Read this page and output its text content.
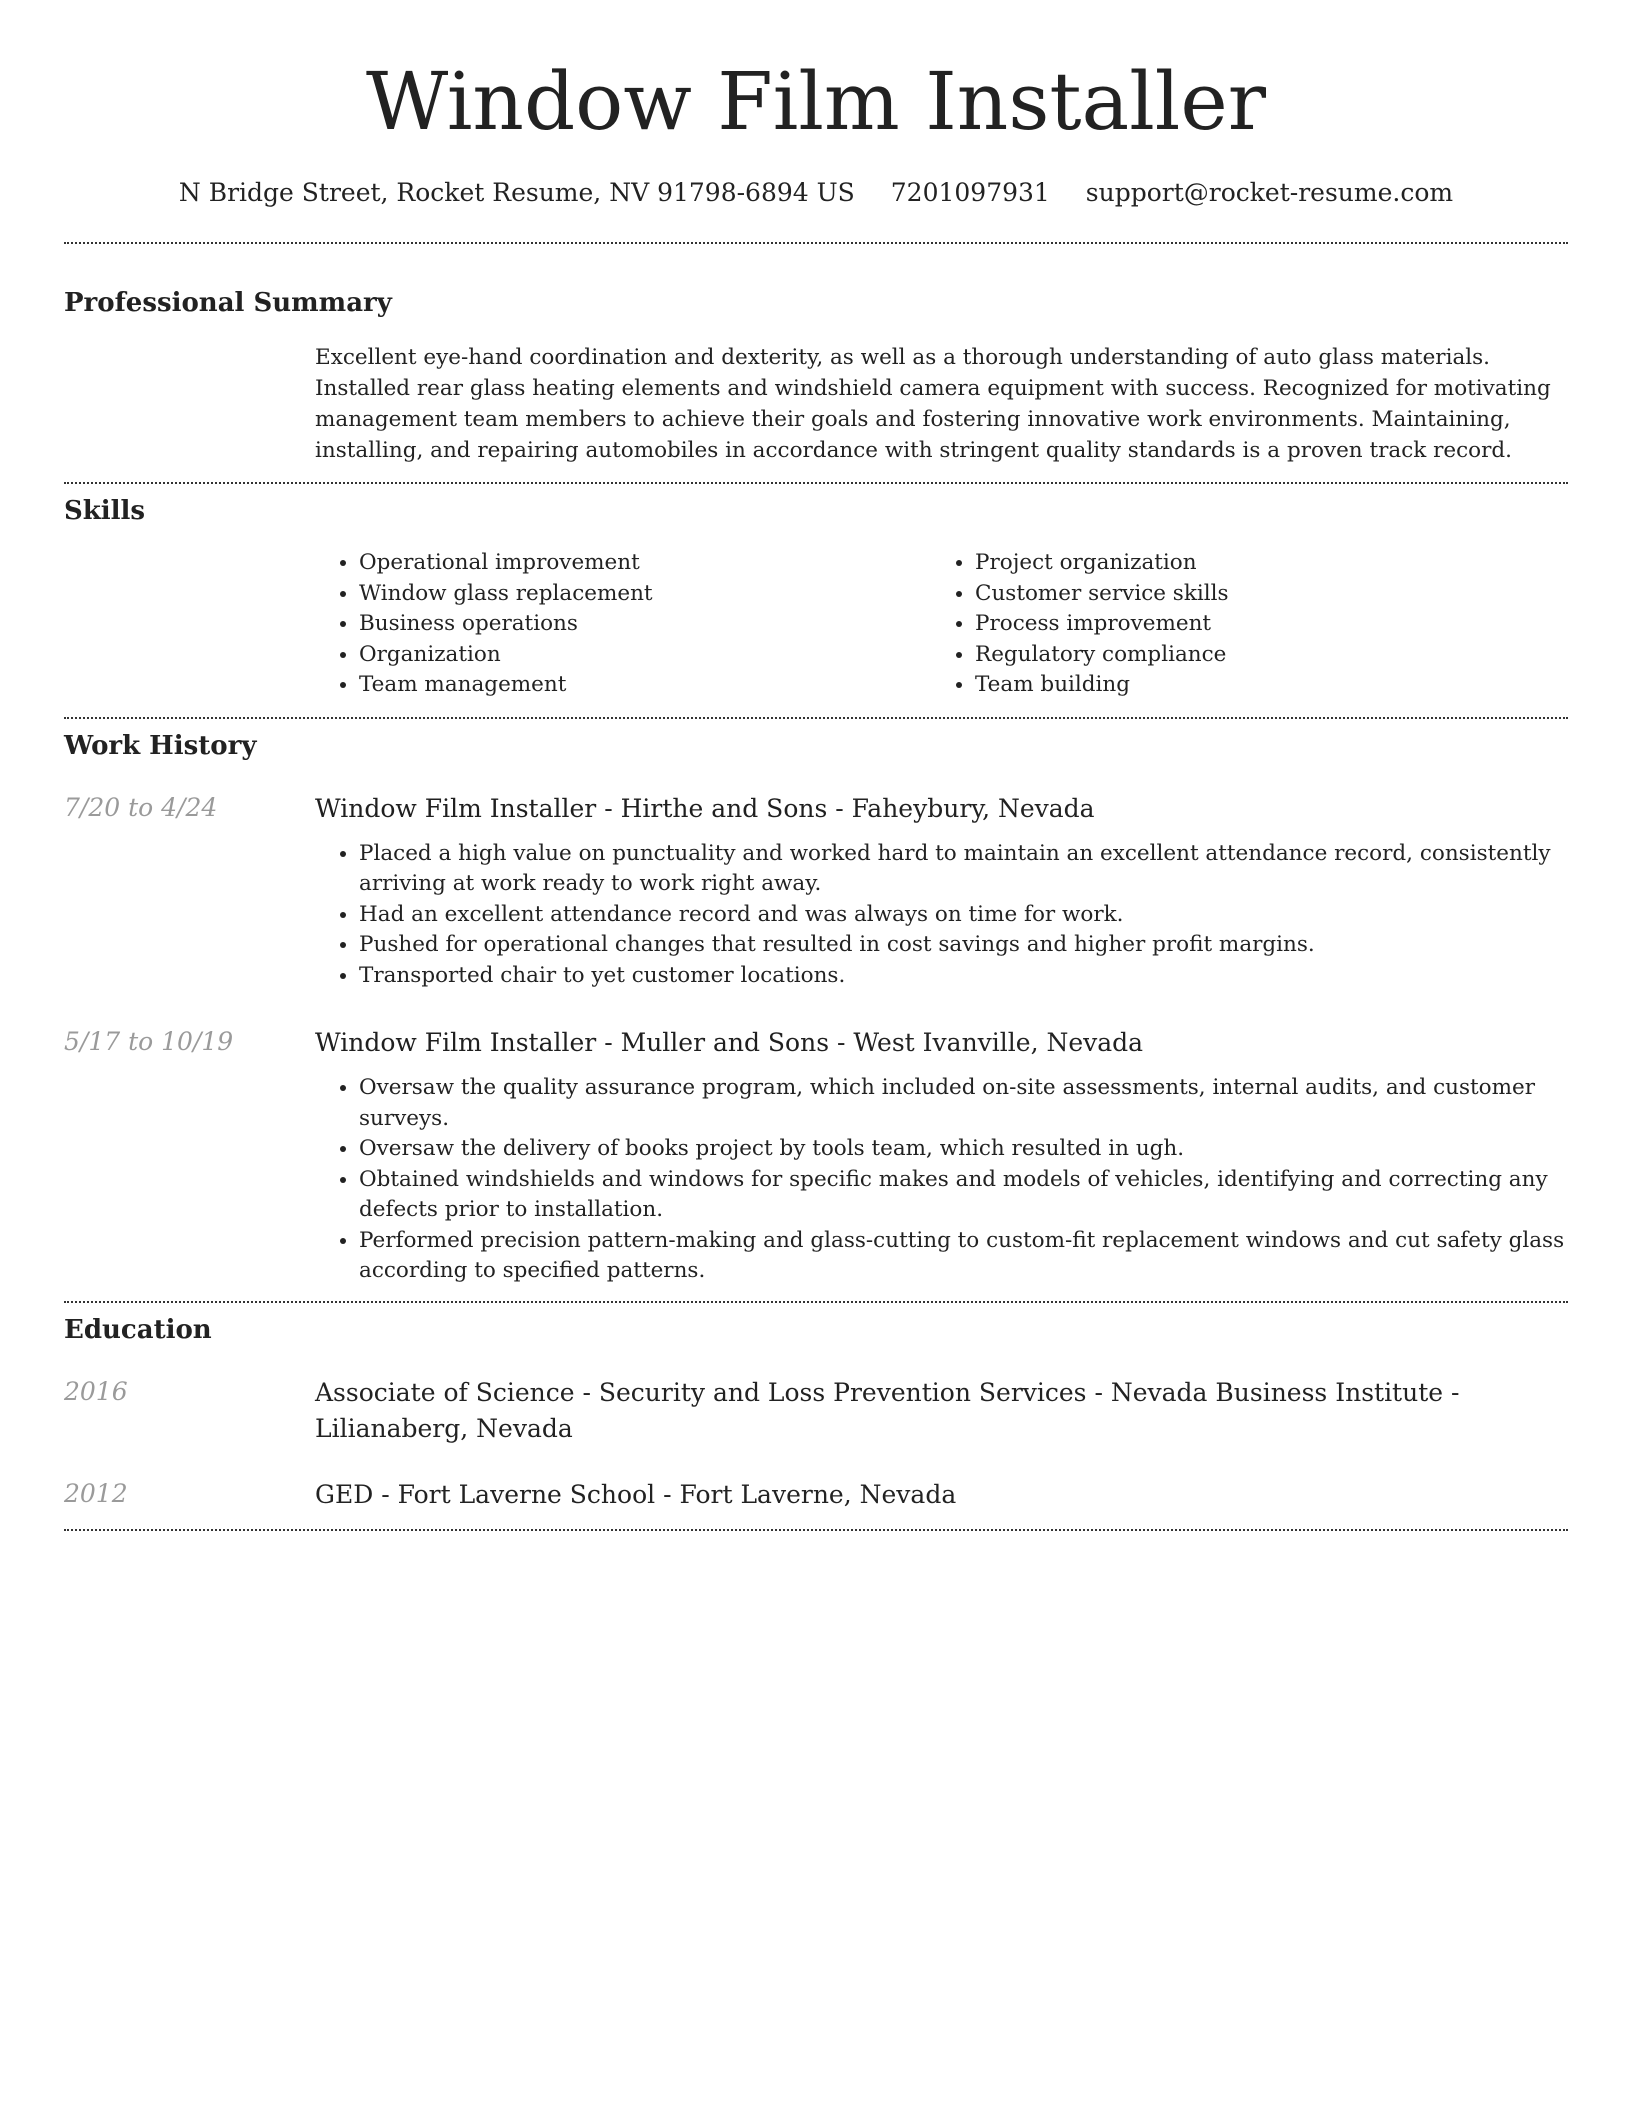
Window Film Installer
N Bridge Street, Rocket Resume, NV 91798-6894 US 7201097931 support@rocket-resume.com
Professional Summary
Excellent eye-hand coordination and dexterity, as well as a thorough understanding of auto glass materials. Installed rear glass heating elements and windshield camera equipment with success. Recognized for motivating management team members to achieve their goals and fostering innovative work environments. Maintaining, installing, and repairing automobiles in accordance with stringent quality standards is a proven track record.
Skills
• Operational improvement
• Window glass replacement
• Business operations
• Organization
• Team management
• Project organization
• Customer service skills
• Process improvement
• Regulatory compliance
• Team building
Work History
7/20 to 4/24	Window Film Installer - Hirthe and Sons - Faheybury, Nevada
• Placed a high value on punctuality and worked hard to maintain an excellent attendance record, consistently arriving at work ready to work right away.
• Had an excellent attendance record and was always on time for work.
• Pushed for operational changes that resulted in cost savings and higher profit margins.
• Transported chair to yet customer locations.
5/17 to 10/19	Window Film Installer - Muller and Sons - West Ivanville, Nevada
• Oversaw the quality assurance program, which included on-site assessments, internal audits, and customer surveys.
• Oversaw the delivery of books project by tools team, which resulted in ugh.
• Obtained windshields and windows for specific makes and models of vehicles, identifying and correcting any defects prior to installation.
• Performed precision pattern-making and glass-cutting to custom-fit replacement windows and cut safety glass according to specified patterns.
Education
2016	Associate of Science - Security and Loss Prevention Services - Nevada Business Institute - Lilianaberg, Nevada
2012	GED - Fort Laverne School - Fort Laverne, Nevada
